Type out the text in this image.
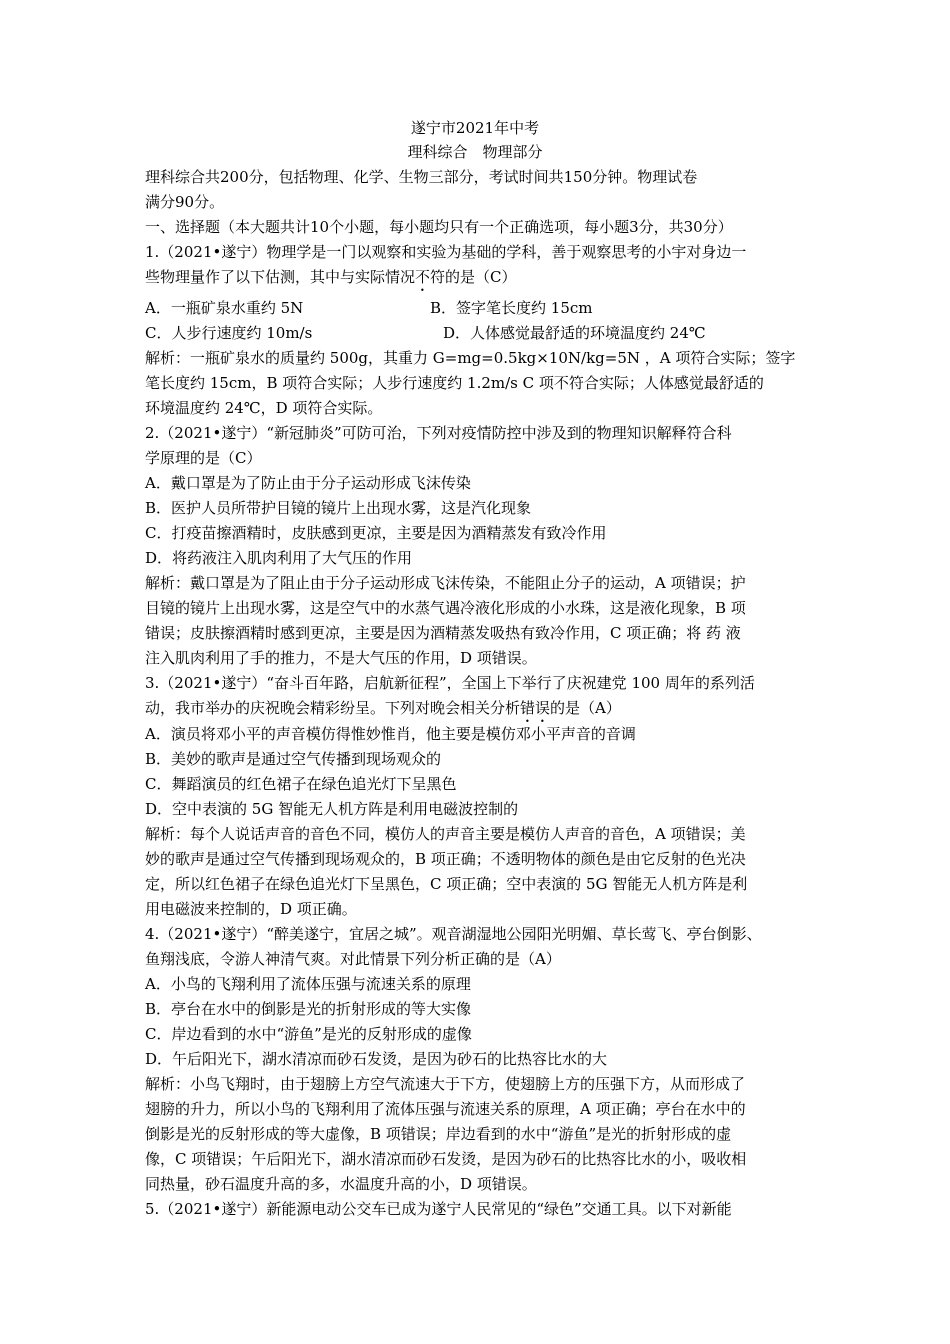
遂宁市2021年中考
理科综合　物理部分
理科综合共200分，包括物理、化学、生物三部分，考试时间共150分钟。物理试卷
满分90分。
一、选择题（本大题共计10个小题，每小题均只有一个正确选项，每小题3分，共30分）
1.（2021•遂宁）物理学是一门以观察和实验为基础的学科，善于观察思考的小宇对身边一
些物理量作了以下估测，其中与实际情况不符的是（C）
A．一瓶矿泉水重约 5N	B．签字笔长度约 15cm
C．人步行速度约 10m/s	D．人体感觉最舒适的环境温度约 24℃
解析：一瓶矿泉水的质量约 500g，其重力 G=mg=0.5kg×10N/kg=5N ，A 项符合实际；签字
笔长度约 15cm，B 项符合实际；人步行速度约 1.2m/s C 项不符合实际；人体感觉最舒适的
环境温度约 24℃，D 项符合实际。
2.（2021•遂宁）“新冠肺炎”可防可治，下列对疫情防控中涉及到的物理知识解释符合科
学原理的是（C）
A．戴口罩是为了防止由于分子运动形成飞沫传染
B．医护人员所带护目镜的镜片上出现水雾，这是汽化现象
C．打疫苗擦酒精时，皮肤感到更凉，主要是因为酒精蒸发有致冷作用
D．将药液注入肌肉利用了大气压的作用
解析：戴口罩是为了阻止由于分子运动形成飞沫传染，不能阻止分子的运动，A 项错误；护
目镜的镜片上出现水雾，这是空气中的水蒸气遇冷液化形成的小水珠，这是液化现象，B 项
错误；皮肤擦酒精时感到更凉，主要是因为酒精蒸发吸热有致冷作用，C 项正确；将 药 液
注入肌肉利用了手的推力，不是大气压的作用，D 项错误。
3.（2021•遂宁）“奋斗百年路，启航新征程”，全国上下举行了庆祝建党 100 周年的系列活
动，我市举办的庆祝晚会精彩纷呈。下列对晚会相关分析错误的是（A）
A．演员将邓小平的声音模仿得惟妙惟肖，他主要是模仿邓小平声音的音调
B．美妙的歌声是通过空气传播到现场观众的
C．舞蹈演员的红色裙子在绿色追光灯下呈黑色
D．空中表演的 5G 智能无人机方阵是利用电磁波控制的
解析：每个人说话声音的音色不同，模仿人的声音主要是模仿人声音的音色，A 项错误；美
妙的歌声是通过空气传播到现场观众的，B 项正确；不透明物体的颜色是由它反射的色光决
定，所以红色裙子在绿色追光灯下呈黑色，C 项正确；空中表演的 5G 智能无人机方阵是利
用电磁波来控制的，D 项正确。
4.（2021•遂宁）“醉美遂宁，宜居之城”。观音湖湿地公园阳光明媚、草长莺飞、亭台倒影、
鱼翔浅底，令游人神清气爽。对此情景下列分析正确的是（A）
A．小鸟的飞翔利用了流体压强与流速关系的原理
B．亭台在水中的倒影是光的折射形成的等大实像
C．岸边看到的水中“游鱼”是光的反射形成的虚像
D．午后阳光下，湖水清凉而砂石发烫，是因为砂石的比热容比水的大
解析：小鸟飞翔时，由于翅膀上方空气流速大于下方，使翅膀上方的压强下方，从而形成了
翅膀的升力，所以小鸟的飞翔利用了流体压强与流速关系的原理，A 项正确；亭台在水中的
倒影是光的反射形成的等大虚像，B 项错误；岸边看到的水中“游鱼”是光的折射形成的虚
像，C 项错误；午后阳光下，湖水清凉而砂石发烫，是因为砂石的比热容比水的小，吸收相
同热量，砂石温度升高的多，水温度升高的小，D 项错误。
5.（2021•遂宁）新能源电动公交车已成为遂宁人民常见的“绿色”交通工具。以下对新能
